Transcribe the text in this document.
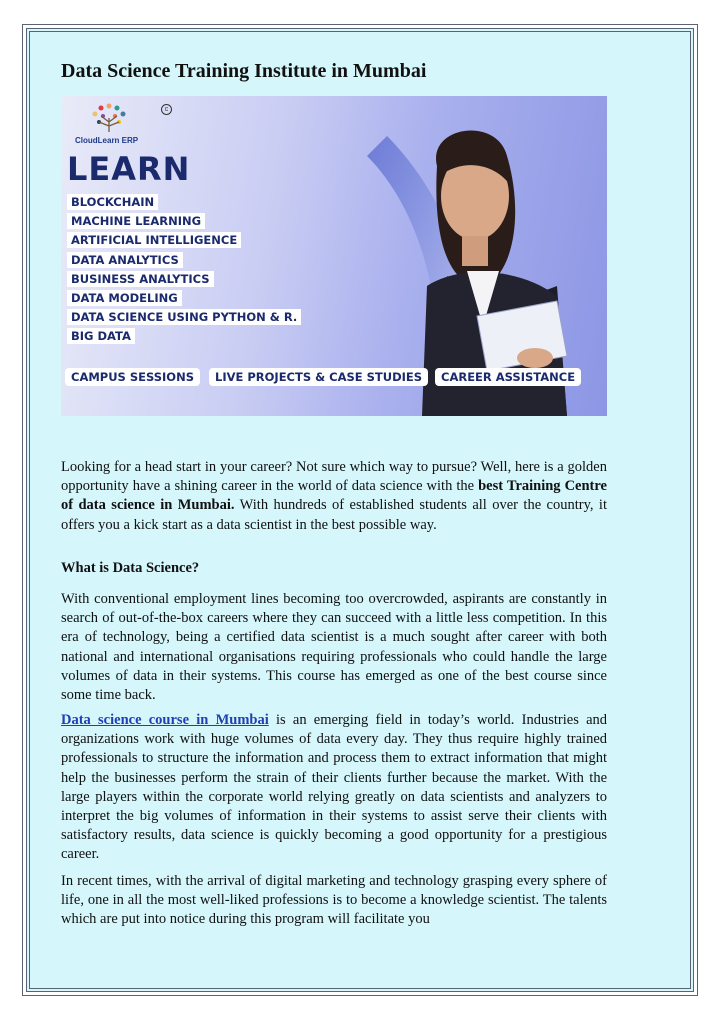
Data Science Training Institute in Mumbai
CloudLearn ERP
c
LEARN
BLOCKCHAIN
MACHINE LEARNING
ARTIFICIAL INTELLIGENCE
DATA ANALYTICS
BUSINESS ANALYTICS
DATA MODELING
DATA SCIENCE USING PYTHON & R.
BIG DATA
CAMPUS SESSIONS	LIVE PROJECTS & CASE STUDIES	CAREER ASSISTANCE

Looking for a head start in your career? Not sure which way to pursue? Well, here is a golden opportunity have a shining career in the world of data science with the best Training Centre of data science in Mumbai. With hundreds of established students all over the country, it offers you a kick start as a data scientist in the best possible way.

What is Data Science?

With conventional employment lines becoming too overcrowded, aspirants are constantly in search of out-of-the-box careers where they can succeed with a little less competition. In this era of technology, being a certified data scientist is a much sought after career with both national and international organisations requiring professionals who could handle the large volumes of data in their systems. This course has emerged as one of the best course since some time back.

Data science course in Mumbai is an emerging field in today’s world. Industries and organizations work with huge volumes of data every day. They thus require highly trained professionals to structure the information and process them to extract information that might help the businesses perform the strain of their clients further because the market. With the large players within the corporate world relying greatly on data scientists and analyzers to interpret the big volumes of information in their systems to assist serve their clients with satisfactory results, data science is quickly becoming a good opportunity for a prestigious career.

In recent times, with the arrival of digital marketing and technology grasping every sphere of life, one in all the most well-liked professions is to become a knowledge scientist. The talents which are put into notice during this program will facilitate you
